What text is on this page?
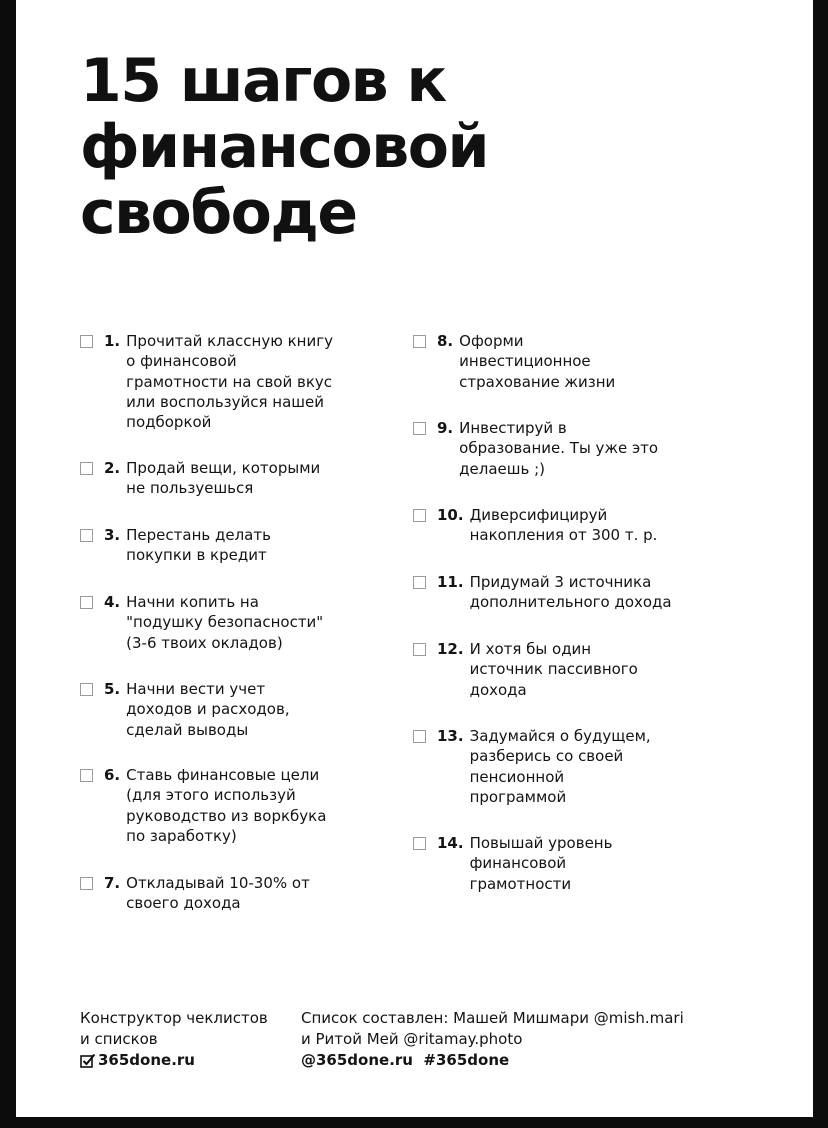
15 шагов к
финансовой
свободе
1. Прочитай классную книгу
о финансовой
грамотности на свой вкус
или воспользуйся нашей
подборкой
2. Продай вещи, которыми
не пользуешься
3. Перестань делать
покупки в кредит
4. Начни копить на
"подушку безопасности"
(3-6 твоих окладов)
5. Начни вести учет
доходов и расходов,
сделай выводы
6. Ставь финансовые цели
(для этого используй
руководство из воркбука
по заработку)
7. Откладывай 10-30% от
своего дохода
8. Оформи
инвестиционное
страхование жизни
9. Инвестируй в
образование. Ты уже это
делаешь ;)
10. Диверсифицируй
накопления от 300 т. р.
11. Придумай 3 источника
дополнительного дохода
12. И хотя бы один
источник пассивного
дохода
13. Задумайся о будущем,
разберись со своей
пенсионной
программой
14. Повышай уровень
финансовой
грамотности
Конструктор чеклистов
и списков
365done.ru
Список составлен: Машей Мишмари @mish.mari
и Ритой Мей @ritamay.photo
@365done.ru  #365done
